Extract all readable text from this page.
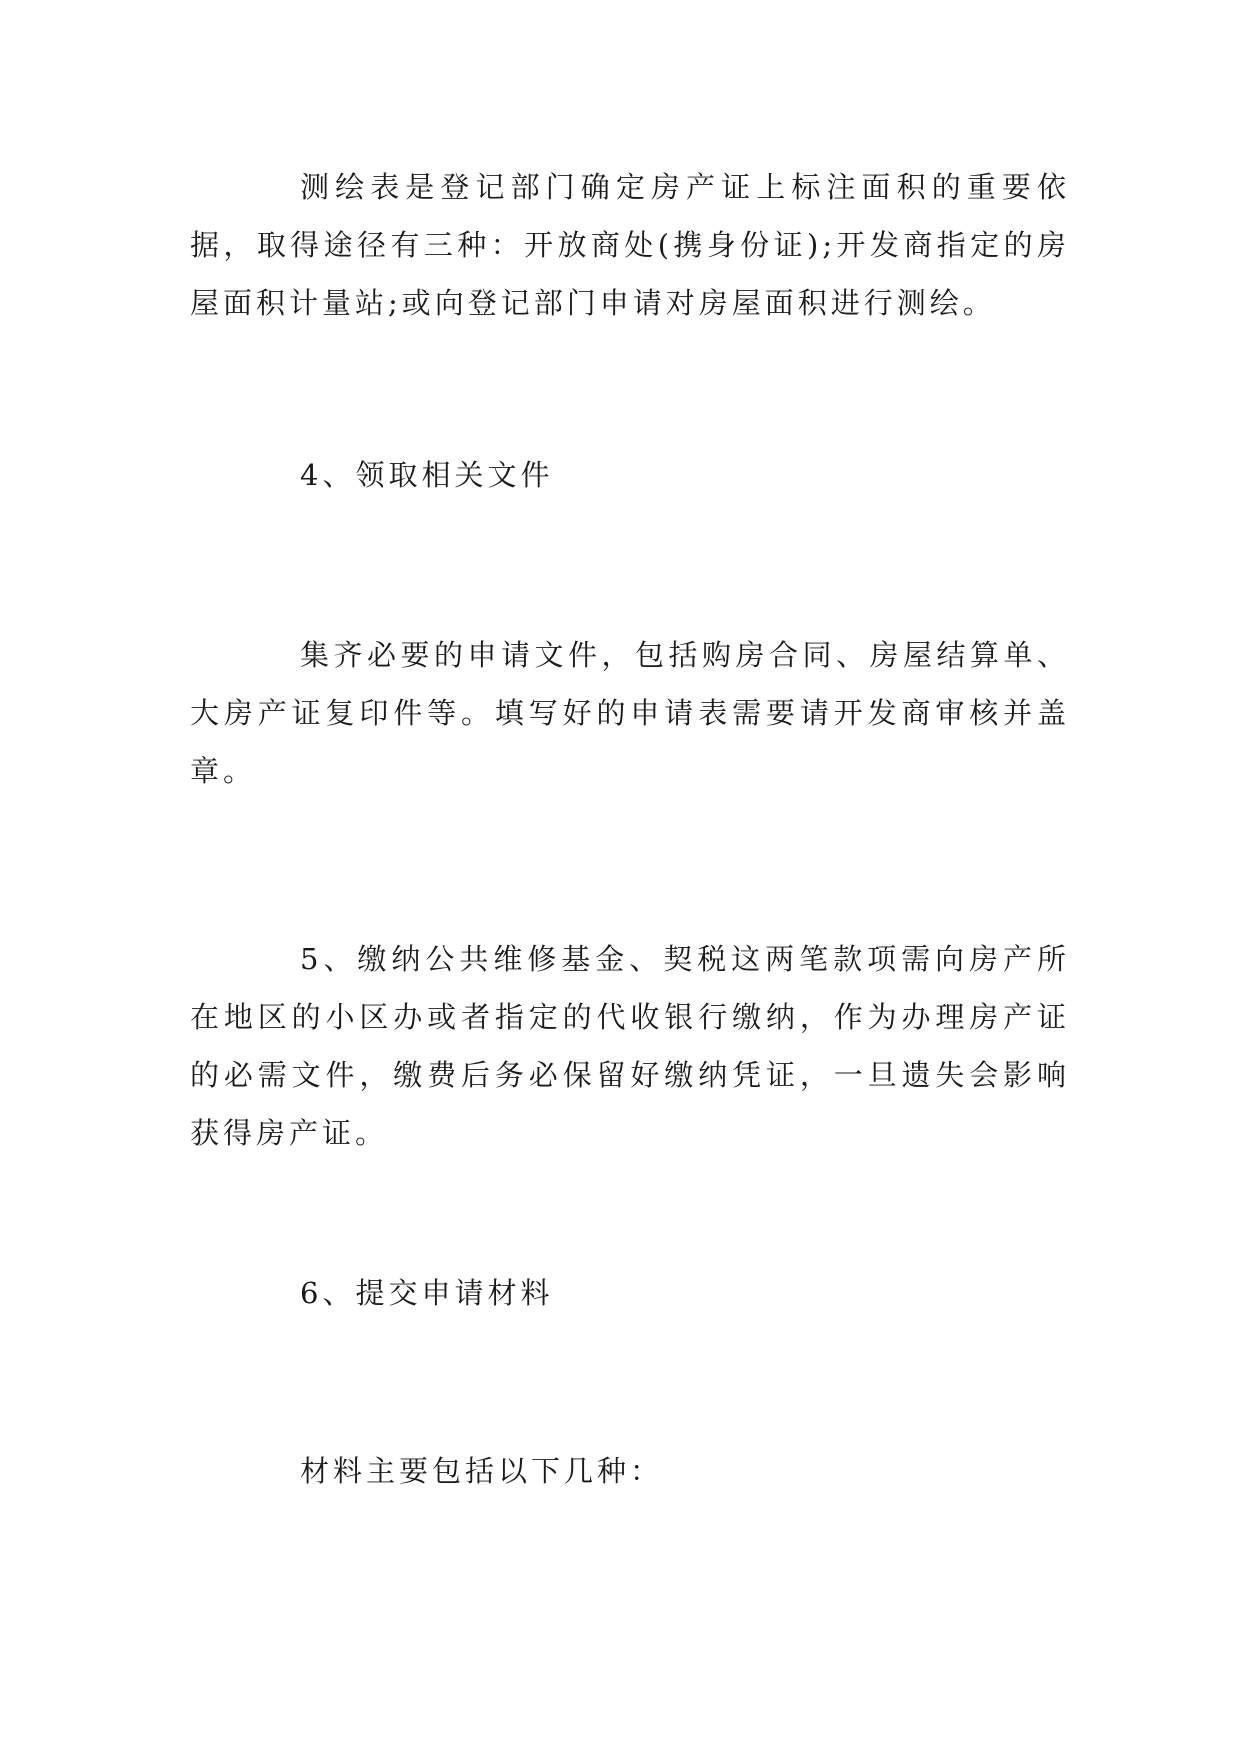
测绘表是登记部门确定房产证上标注面积的重要依据，取得途径有三种：开放商处(携身份证);开发商指定的房屋面积计量站;或向登记部门申请对房屋面积进行测绘。

4、领取相关文件

集齐必要的申请文件，包括购房合同、房屋结算单、大房产证复印件等。填写好的申请表需要请开发商审核并盖章。

5、缴纳公共维修基金、契税这两笔款项需向房产所在地区的小区办或者指定的代收银行缴纳，作为办理房产证的必需文件，缴费后务必保留好缴纳凭证，一旦遗失会影响获得房产证。

6、提交申请材料

材料主要包括以下几种：
